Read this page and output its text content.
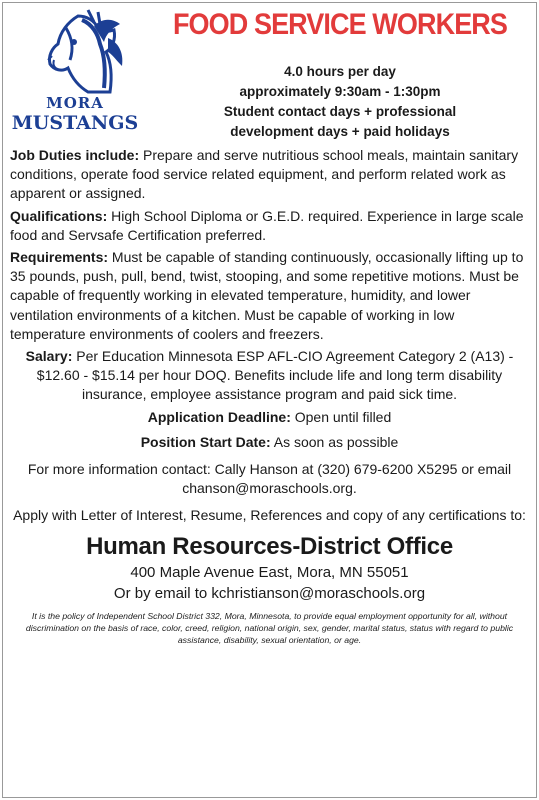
MORA
MUSTANGS
FOOD SERVICE WORKERS
4.0 hours per day
approximately 9:30am - 1:30pm
Student contact days + professional
development days + paid holidays

Job Duties include: Prepare and serve nutritious school meals, maintain sanitary conditions, operate food service related equipment, and perform related work as apparent or assigned.

Qualifications: High School Diploma or G.E.D. required. Experience in large scale food and Servsafe Certification preferred.

Requirements: Must be capable of standing continuously, occasionally lifting up to 35 pounds, push, pull, bend, twist, stooping, and some repetitive motions. Must be capable of frequently working in elevated temperature, humidity, and lower ventilation environments of a kitchen. Must be capable of working in low temperature environments of coolers and freezers.

Salary: Per Education Minnesota ESP AFL-CIO Agreement Category 2 (A13) - $12.60 - $15.14 per hour DOQ. Benefits include life and long term disability insurance, employee assistance program and paid sick time.

Application Deadline: Open until filled

Position Start Date: As soon as possible

For more information contact: Cally Hanson at (320) 679-6200 X5295 or email chanson@moraschools.org.

Apply with Letter of Interest, Resume, References and copy of any certifications to:

Human Resources-District Office
400 Maple Avenue East, Mora, MN 55051
Or by email to kchristianson@moraschools.org
It is the policy of Independent School District 332, Mora, Minnesota, to provide equal employment opportunity for all, without discrimination on the basis of race, color, creed, religion, national origin, sex, gender, marital status, status with regard to public assistance, disability, sexual orientation, or age.
